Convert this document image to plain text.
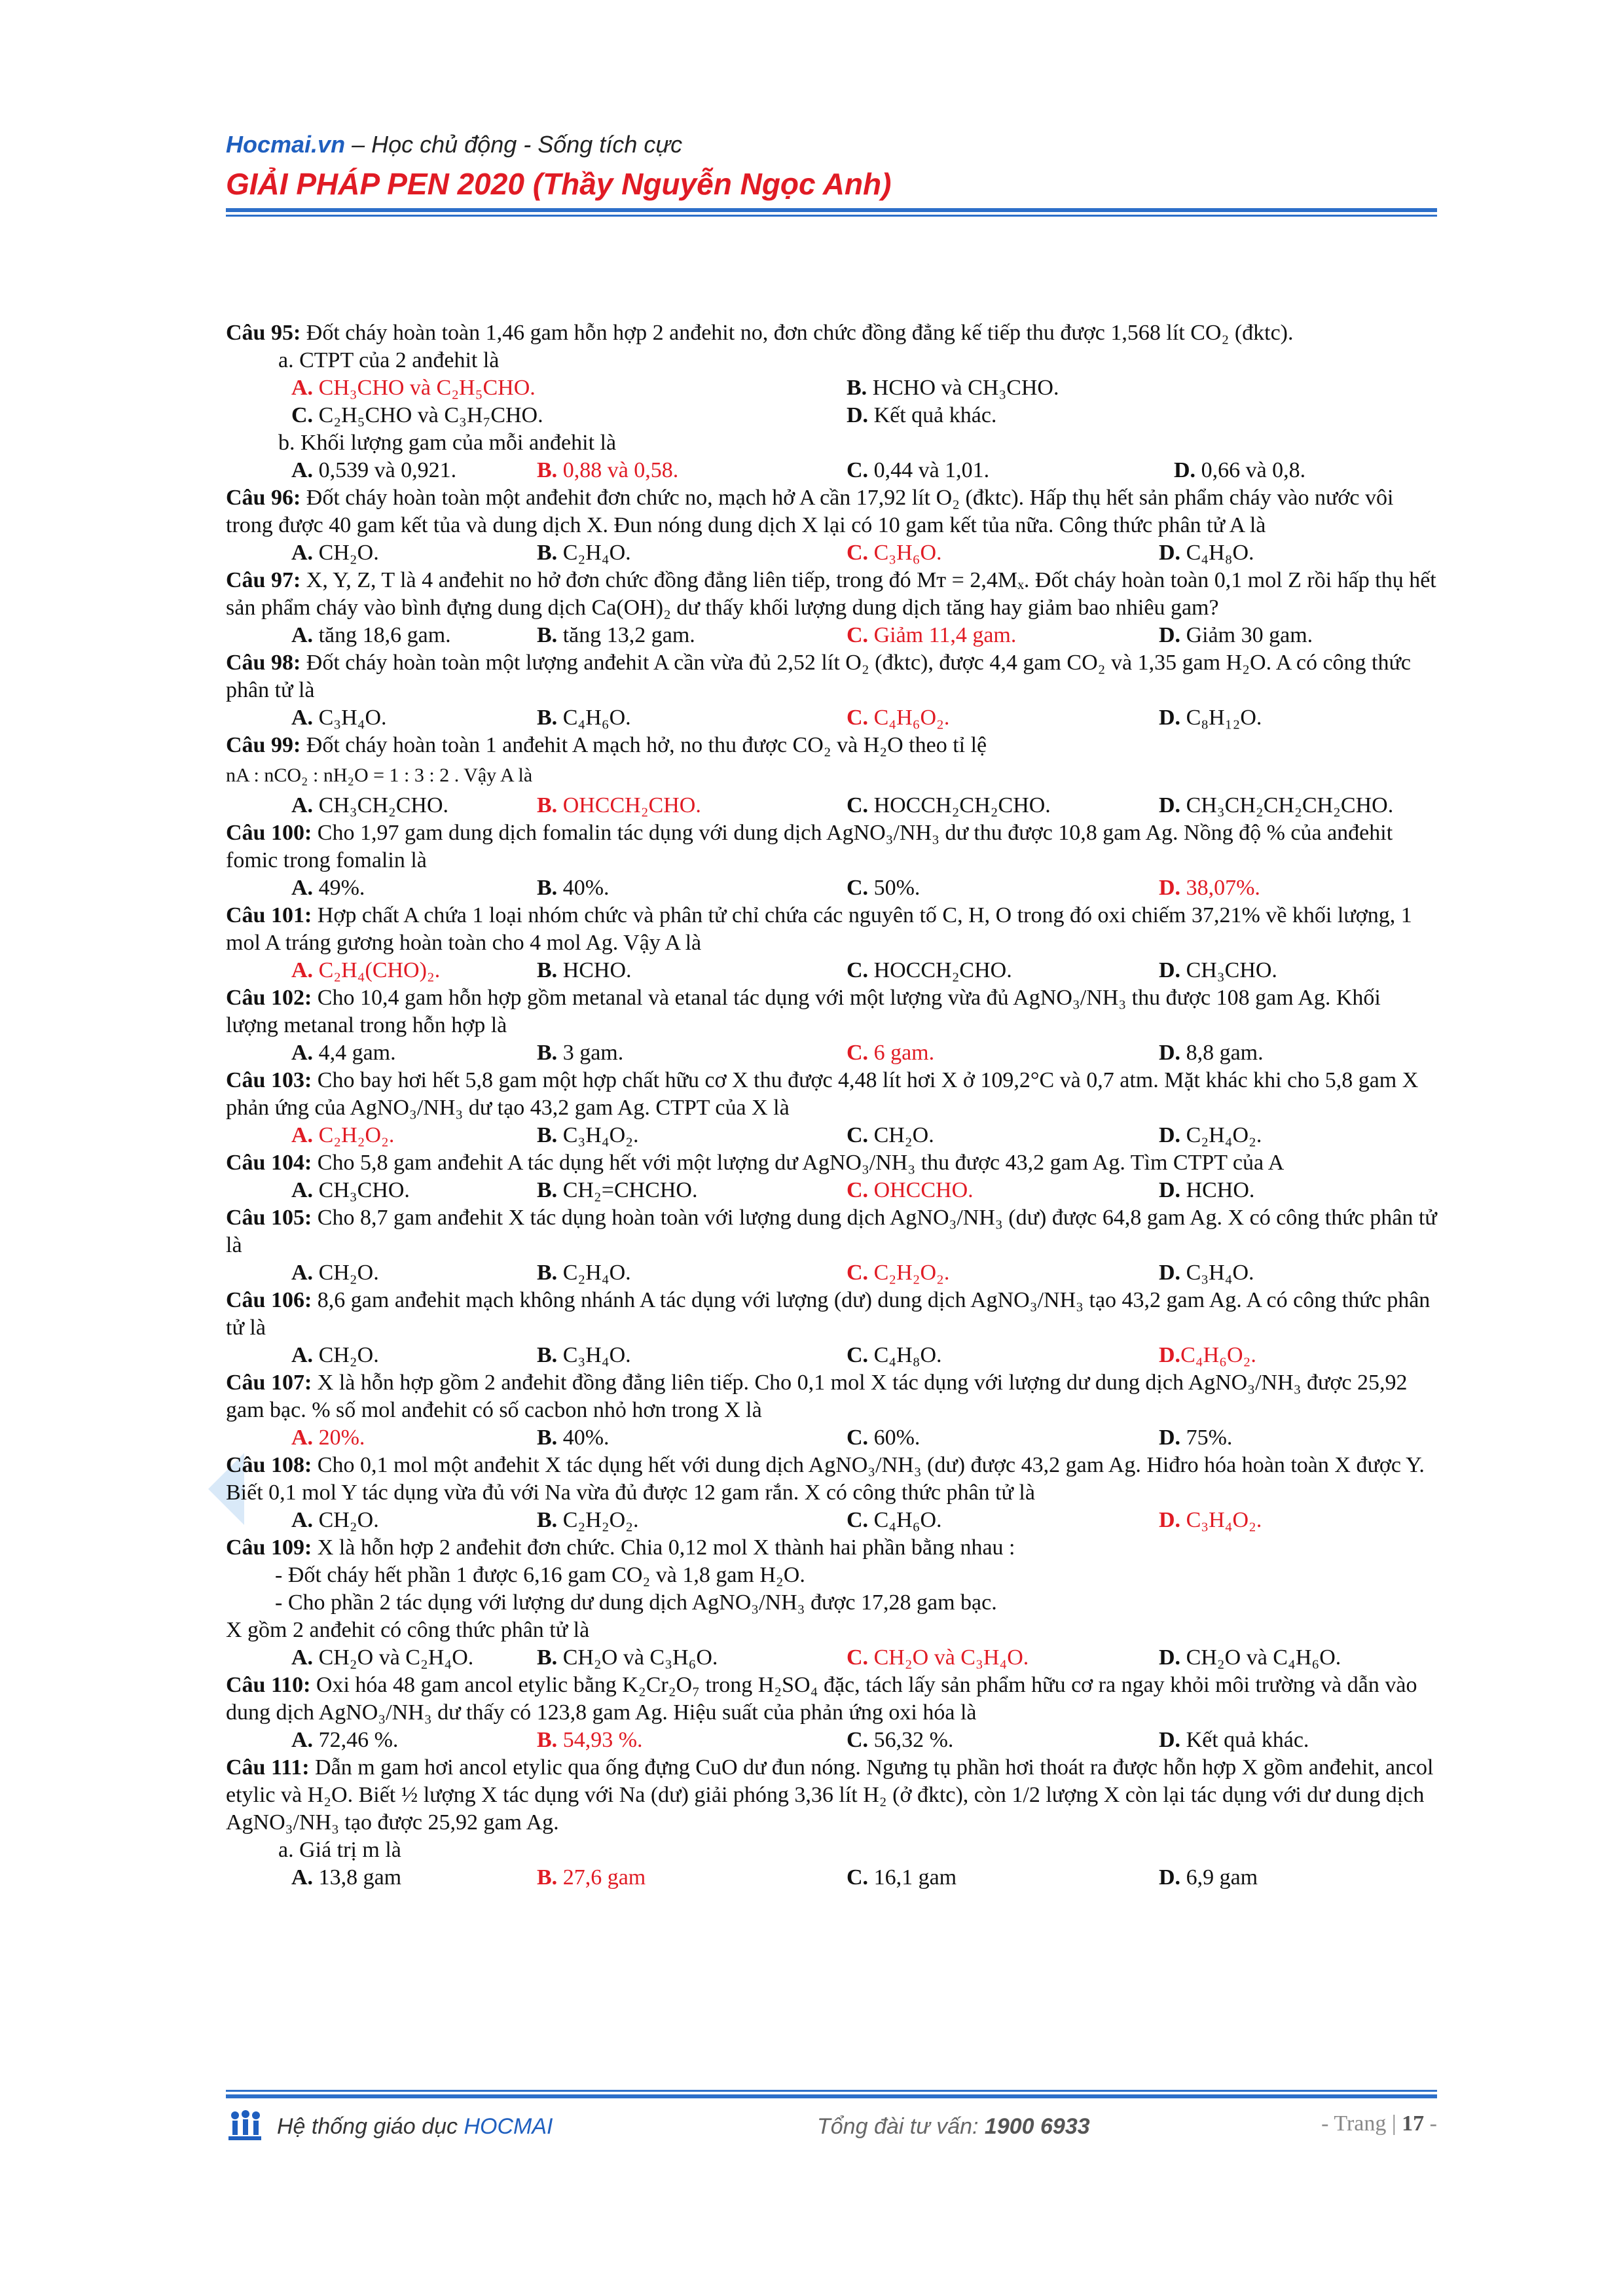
Hocmai.vn – Học chủ động - Sống tích cực
GIẢI PHÁP PEN 2020 (Thầy Nguyễn Ngọc Anh)
Câu 95: Đốt cháy hoàn toàn 1,46 gam hỗn hợp 2 anđehit no, đơn chức đồng đẳng kế tiếp thu được 1,568 lít CO₂ (đktc).
a. CTPT của 2 anđehit là
A. CH₃CHO và C₂H₅CHO.	B. HCHO và CH₃CHO.
C. C₂H₅CHO và C₃H₇CHO.	D. Kết quả khác.
b. Khối lượng gam của mỗi anđehit là
A. 0,539 và 0,921.	B. 0,88 và 0,58.	C. 0,44 và 1,01.	D. 0,66 và 0,8.
Câu 96: Đốt cháy hoàn toàn một anđehit đơn chức no, mạch hở A cần 17,92 lít O₂ (đktc). Hấp thụ hết sản phẩm cháy vào nước vôi trong được 40 gam kết tủa và dung dịch X. Đun nóng dung dịch X lại có 10 gam kết tủa nữa. Công thức phân tử A là
A. CH₂O.	B. C₂H₄O.	C. C₃H₆O.	D. C₄H₈O.
Câu 97: X, Y, Z, T là 4 anđehit no hở đơn chức đồng đẳng liên tiếp, trong đó Mᴛ = 2,4Mₓ. Đốt cháy hoàn toàn 0,1 mol Z rồi hấp thụ hết sản phẩm cháy vào bình đựng dung dịch Ca(OH)₂ dư thấy khối lượng dung dịch tăng hay giảm bao nhiêu gam?
A. tăng 18,6 gam.	B. tăng 13,2 gam.	C. Giảm 11,4 gam.	D. Giảm 30 gam.
Câu 98: Đốt cháy hoàn toàn một lượng anđehit A cần vừa đủ 2,52 lít O₂ (đktc), được 4,4 gam CO₂ và 1,35 gam H₂O. A có công thức phân tử là
A. C₃H₄O.	B. C₄H₆O.	C. C₄H₆O₂.	D. C₈H₁₂O.
Câu 99: Đốt cháy hoàn toàn 1 anđehit A mạch hở, no thu được CO₂ và H₂O theo tỉ lệ
nA : nCO₂ : nH₂O = 1 : 3 : 2 . Vậy A là
A. CH₃CH₂CHO.	B. OHCCH₂CHO.	C. HOCCH₂CH₂CHO.	D. CH₃CH₂CH₂CH₂CHO.
Câu 100: Cho 1,97 gam dung dịch fomalin tác dụng với dung dịch AgNO₃/NH₃ dư thu được 10,8 gam Ag. Nồng độ % của anđehit fomic trong fomalin là
A. 49%.	B. 40%.	C. 50%.	D. 38,07%.
Câu 101: Hợp chất A chứa 1 loại nhóm chức và phân tử chỉ chứa các nguyên tố C, H, O trong đó oxi chiếm 37,21% về khối lượng, 1 mol A tráng gương hoàn toàn cho 4 mol Ag. Vậy A là
A. C₂H₄(CHO)₂.	B. HCHO.	C. HOCCH₂CHO.	D. CH₃CHO.
Câu 102: Cho 10,4 gam hỗn hợp gồm metanal và etanal tác dụng với một lượng vừa đủ AgNO₃/NH₃ thu được 108 gam Ag. Khối lượng metanal trong hỗn hợp là
A. 4,4 gam.	B. 3 gam.	C. 6 gam.	D. 8,8 gam.
Câu 103: Cho bay hơi hết 5,8 gam một hợp chất hữu cơ X thu được 4,48 lít hơi X ở 109,2°C và 0,7 atm. Mặt khác khi cho 5,8 gam X phản ứng của AgNO₃/NH₃ dư tạo 43,2 gam Ag. CTPT của X là
A. C₂H₂O₂.	B. C₃H₄O₂.	C. CH₂O.	D. C₂H₄O₂.
Câu 104: Cho 5,8 gam anđehit A tác dụng hết với một lượng dư AgNO₃/NH₃ thu được 43,2 gam Ag. Tìm CTPT của A
A. CH₃CHO.	B. CH₂=CHCHO.	C. OHCCHO.	D. HCHO.
Câu 105: Cho 8,7 gam anđehit X tác dụng hoàn toàn với lượng dung dịch AgNO₃/NH₃ (dư) được 64,8 gam Ag. X có công thức phân tử là
A. CH₂O.	B. C₂H₄O.	C. C₂H₂O₂.	D. C₃H₄O.
Câu 106: 8,6 gam anđehit mạch không nhánh A tác dụng với lượng (dư) dung dịch AgNO₃/NH₃ tạo 43,2 gam Ag. A có công thức phân tử là
A. CH₂O.	B. C₃H₄O.	C. C₄H₈O.	D.C₄H₆O₂.
Câu 107: X là hỗn hợp gồm 2 anđehit đồng đẳng liên tiếp. Cho 0,1 mol X tác dụng với lượng dư dung dịch AgNO₃/NH₃ được 25,92 gam bạc. % số mol anđehit có số cacbon nhỏ hơn trong X là
A. 20%.	B. 40%.	C. 60%.	D. 75%.
Câu 108: Cho 0,1 mol một anđehit X tác dụng hết với dung dịch AgNO₃/NH₃ (dư) được 43,2 gam Ag. Hiđro hóa hoàn toàn X được Y. Biết 0,1 mol Y tác dụng vừa đủ với Na vừa đủ được 12 gam rắn. X có công thức phân tử là
A. CH₂O.	B. C₂H₂O₂.	C. C₄H₆O.	D. C₃H₄O₂.
Câu 109: X là hỗn hợp 2 anđehit đơn chức. Chia 0,12 mol X thành hai phần bằng nhau :
- Đốt cháy hết phần 1 được 6,16 gam CO₂ và 1,8 gam H₂O.
- Cho phần 2 tác dụng với lượng dư dung dịch AgNO₃/NH₃ được 17,28 gam bạc.
X gồm 2 anđehit có công thức phân tử là
A. CH₂O và C₂H₄O.	B. CH₂O và C₃H₆O.	C. CH₂O và C₃H₄O.	D. CH₂O và C₄H₆O.
Câu 110: Oxi hóa 48 gam ancol etylic bằng K₂Cr₂O₇ trong H₂SO₄ đặc, tách lấy sản phẩm hữu cơ ra ngay khỏi môi trường và dẫn vào dung dịch AgNO₃/NH₃ dư thấy có 123,8 gam Ag. Hiệu suất của phản ứng oxi hóa là
A. 72,46 %.	B. 54,93 %.	C. 56,32 %.	D. Kết quả khác.
Câu 111: Dẫn m gam hơi ancol etylic qua ống đựng CuO dư đun nóng. Ngưng tụ phần hơi thoát ra được hỗn hợp X gồm anđehit, ancol etylic và H₂O. Biết ½ lượng X tác dụng với Na (dư) giải phóng 3,36 lít H₂ (ở đktc), còn 1/2 lượng X còn lại tác dụng với dư dung dịch AgNO₃/NH₃ tạo được 25,92 gam Ag.
a. Giá trị m là
A. 13,8 gam	B. 27,6 gam	C. 16,1 gam	D. 6,9 gam
Hệ thống giáo dục HOCMAI	Tổng đài tư vấn: 1900 6933	- Trang | 17 -
